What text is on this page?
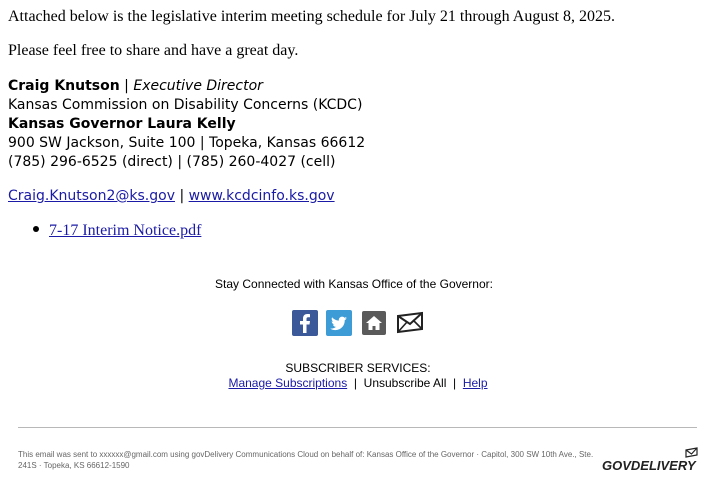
Attached below is the legislative interim meeting schedule for July 21 through August 8, 2025.
Please feel free to share and have a great day.
Craig Knutson | Executive Director
Kansas Commission on Disability Concerns (KCDC)
Kansas Governor Laura Kelly
900 SW Jackson, Suite 100 | Topeka, Kansas 66612
(785) 296-6525 (direct) | (785) 260-4027 (cell)
Craig.Knutson2@ks.gov | www.kcdcinfo.ks.gov
7-17 Interim Notice.pdf
Stay Connected with Kansas Office of the Governor:
SUBSCRIBER SERVICES:
Manage Subscriptions | Unsubscribe All | Help
This email was sent to xxxxxx@gmail.com using govDelivery Communications Cloud on behalf of: Kansas Office of the Governor · Capitol, 300 SW 10th Ave., Ste. 241S · Topeka, KS 66612-1590	GOVDELIVERY
